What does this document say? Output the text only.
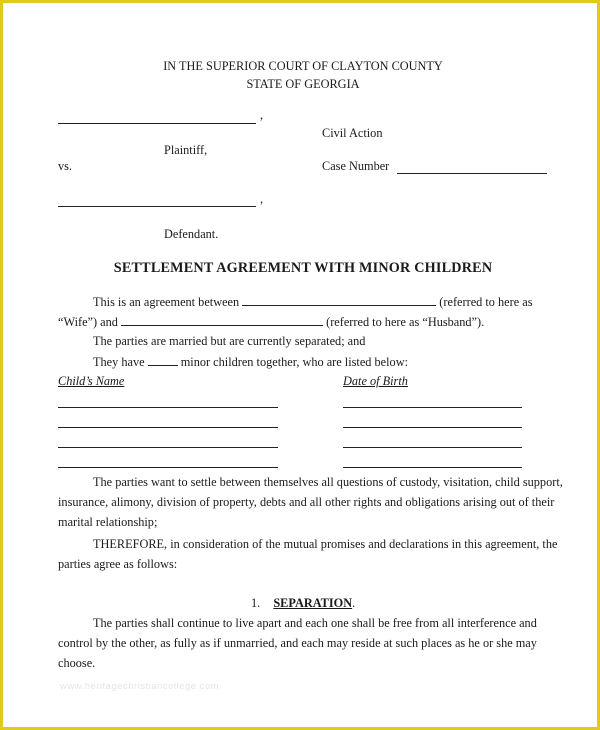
IN THE SUPERIOR COURT OF CLAYTON COUNTY
STATE OF GEORGIA
,
Civil Action
Plaintiff,
vs.	Case Number
,
Defendant.
SETTLEMENT AGREEMENT WITH MINOR CHILDREN
This is an agreement between	(referred to here as
“Wife”) and	(referred to here as “Husband”).
The parties are married but are currently separated; and
They have	minor children together, who are listed below:
Child’s Name	Date of Birth
The parties want to settle between themselves all questions of custody, visitation, child support,
insurance, alimony, division of property, debts and all other rights and obligations arising out of their
marital relationship;
THEREFORE, in consideration of the mutual promises and declarations in this agreement, the
parties agree as follows:
1. SEPARATION.
The parties shall continue to live apart and each one shall be free from all interference and
control by the other, as fully as if unmarried, and each may reside at such places as he or she may
choose.
www.heritagechristiancollege.com
